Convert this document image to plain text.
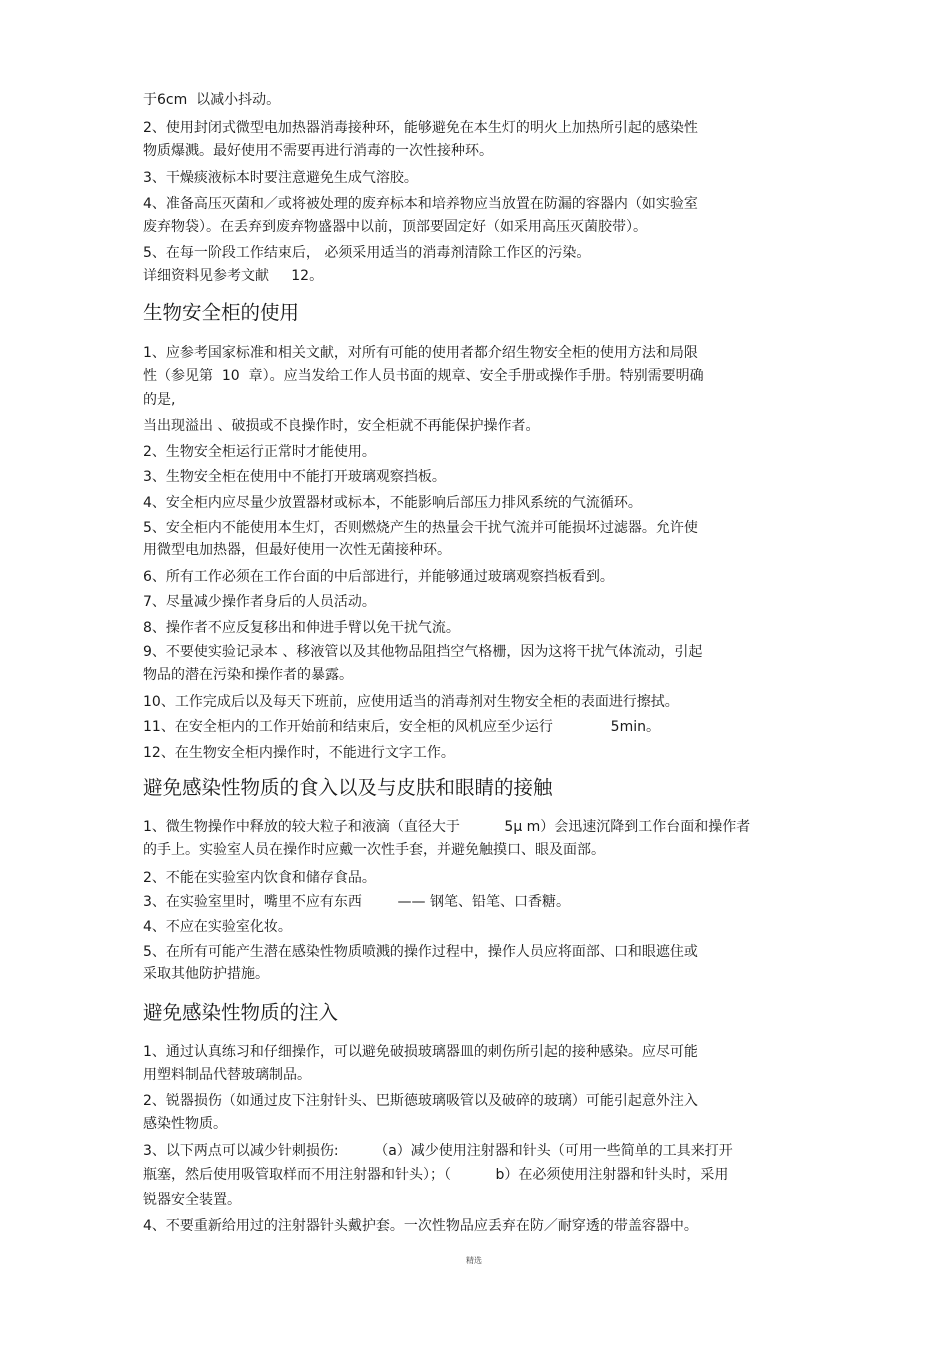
于6cm  以减小抖动。
2、使用封闭式微型电加热器消毒接种环，能够避免在本生灯的明火上加热所引起的感染性
物质爆溅。最好使用不需要再进行消毒的一次性接种环。
3、干燥痰液标本时要注意避免生成气溶胶。
4、准备高压灭菌和／或将被处理的废弃标本和培养物应当放置在防漏的容器内（如实验室
废弃物袋）。在丢弃到废弃物盛器中以前，顶部要固定好（如采用高压灭菌胶带）。
5、在每一阶段工作结束后， 必须采用适当的消毒剂清除工作区的污染。
详细资料见参考文献     12。
生物安全柜的使用
1、应参考国家标准和相关文献，对所有可能的使用者都介绍生物安全柜的使用方法和局限
性（参见第  10  章）。应当发给工作人员书面的规章、安全手册或操作手册。特别需要明确
的是,
当出现溢出 、破损或不良操作时，安全柜就不再能保护操作者。
2、生物安全柜运行正常时才能使用。
3、生物安全柜在使用中不能打开玻璃观察挡板。
4、安全柜内应尽量少放置器材或标本，不能影响后部压力排风系统的气流循环。
5、安全柜内不能使用本生灯，否则燃烧产生的热量会干扰气流并可能损坏过滤器。允许使
用微型电加热器，但最好使用一次性无菌接种环。
6、所有工作必须在工作台面的中后部进行，并能够通过玻璃观察挡板看到。
7、尽量减少操作者身后的人员活动。
8、操作者不应反复移出和伸进手臂以免干扰气流。
9、不要使实验记录本 、移液管以及其他物品阻挡空气格栅，因为这将干扰气体流动，引起
物品的潜在污染和操作者的暴露。
10、工作完成后以及每天下班前，应使用适当的消毒剂对生物安全柜的表面进行擦拭。
11、在安全柜内的工作开始前和结束后，安全柜的风机应至少运行             5min。
12、在生物安全柜内操作时，不能进行文字工作。
避免感染性物质的食入以及与皮肤和眼睛的接触
1、微生物操作中释放的较大粒子和液滴（直径大于          5μ m）会迅速沉降到工作台面和操作者
的手上。实验室人员在操作时应戴一次性手套，并避免触摸口、眼及面部。
2、不能在实验室内饮食和储存食品。
3、在实验室里时，嘴里不应有东西        —— 钢笔、铅笔、口香糖。
4、不应在实验室化妆。
5、在所有可能产生潜在感染性物质喷溅的操作过程中，操作人员应将面部、口和眼遮住或
采取其他防护措施。
避免感染性物质的注入
1、通过认真练习和仔细操作，可以避免破损玻璃器皿的刺伤所引起的接种感染。应尽可能
用塑料制品代替玻璃制品。
2、锐器损伤（如通过皮下注射针头、巴斯德玻璃吸管以及破碎的玻璃）可能引起意外注入
感染性物质。
3、以下两点可以减少针刺损伤:        （a）减少使用注射器和针头（可用一些简单的工具来打开
瓶塞，然后使用吸管取样而不用注射器和针头）；（          b）在必须使用注射器和针头时，采用
锐器安全装置。
4、不要重新给用过的注射器针头戴护套。一次性物品应丢弃在防／耐穿透的带盖容器中。
精选
